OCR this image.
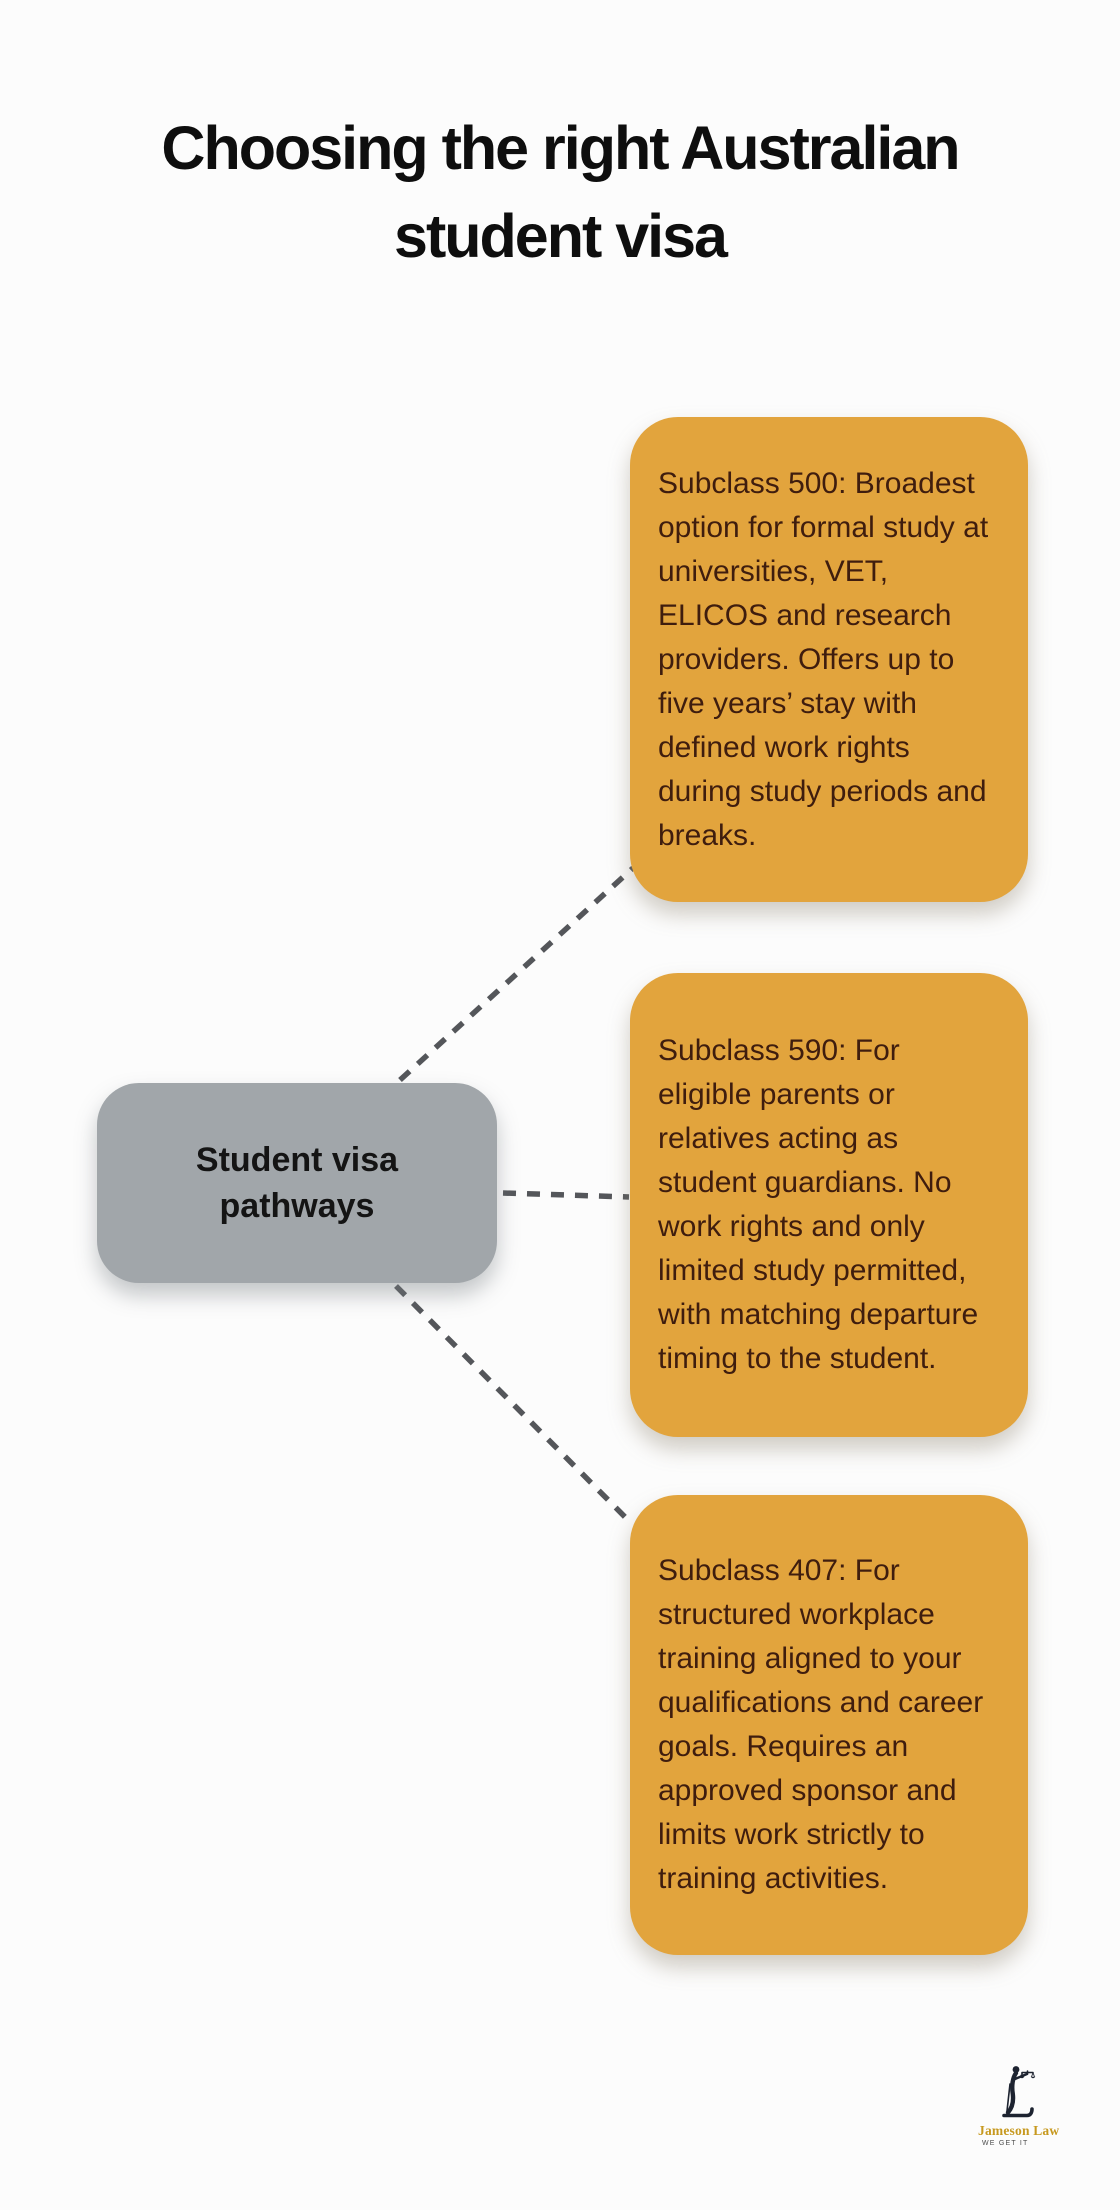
Choosing the right Australian student visa
Student visa pathways
Subclass 500: Broadest option for formal study at universities, VET, ELICOS and research providers. Offers up to five years’ stay with defined work rights during study periods and breaks.
Subclass 590: For eligible parents or relatives acting as student guardians. No work rights and only limited study permitted, with matching departure timing to the student.
Subclass 407: For structured workplace training aligned to your qualifications and career goals. Requires an approved sponsor and limits work strictly to training activities.
Jameson Law
WE GET IT
